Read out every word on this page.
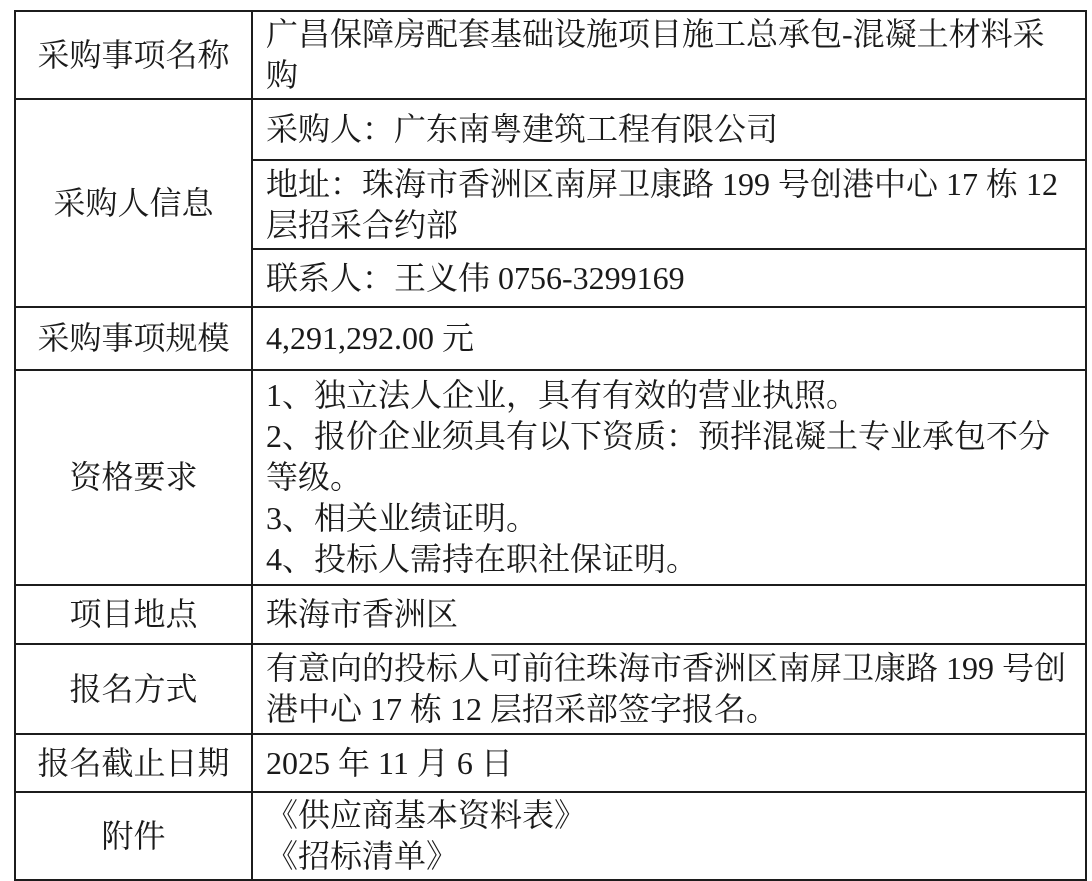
采购事项名称	广昌保障房配套基础设施项目施工总承包-混凝土材料采购
采购人信息	采购人：广东南粤建筑工程有限公司
	地址：珠海市香洲区南屏卫康路 199 号创港中心 17 栋 12 层招采合约部
	联系人：王义伟 0756-3299169
采购事项规模	4,291,292.00 元
资格要求	1、独立法人企业，具有有效的营业执照。
2、报价企业须具有以下资质：预拌混凝土专业承包不分等级。
3、相关业绩证明。
4、投标人需持在职社保证明。

项目地点	珠海市香洲区
报名方式	有意向的投标人可前往珠海市香洲区南屏卫康路 199 号创港中心 17 栋 12 层招采部签字报名。
报名截止日期	2025 年 11 月 6 日
附件	《供应商基本资料表》
《招标清单》
